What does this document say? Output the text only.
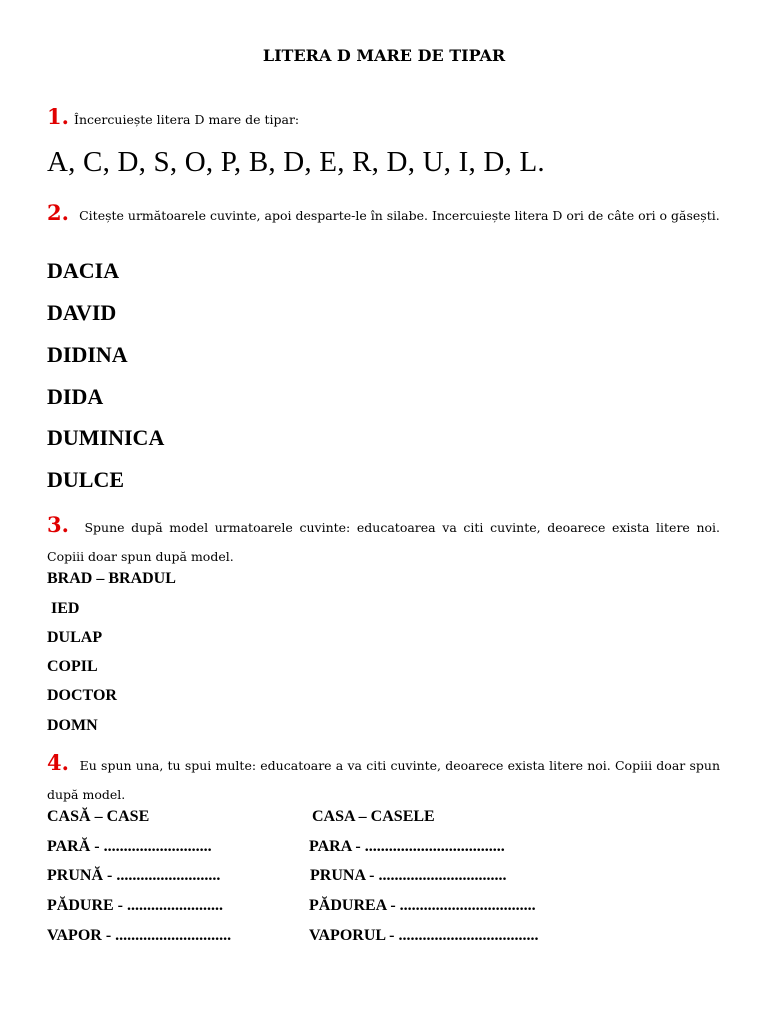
LITERA D MARE DE TIPAR
1. Încercuiește litera D mare de tipar:
A, C, D, S, O, P, B, D, E, R, D, U, I, D, L.
2. Citește următoarele cuvinte, apoi desparte-le în silabe. Incercuiește litera D ori de câte ori o găsești.
DACIA
DAVID
DIDINA
DIDA
DUMINICA
DULCE
3. Spune după model urmatoarele cuvinte: educatoarea va citi cuvinte, deoarece exista litere noi. Copiii doar spun după model.
BRAD – BRADUL
IED
DULAP
COPIL
DOCTOR
DOMN
4. Eu spun una, tu spui multe: educatoare a va citi cuvinte, deoarece exista litere noi. Copiii doar spun după model.
CASĂ – CASE
PARĂ - ...........................
PRUNĂ - ..........................
PĂDURE - ........................
VAPOR - .............................
CASA – CASELE
PARA - ...................................
PRUNA - ................................
PĂDUREA - ..................................
VAPORUL - ...................................
